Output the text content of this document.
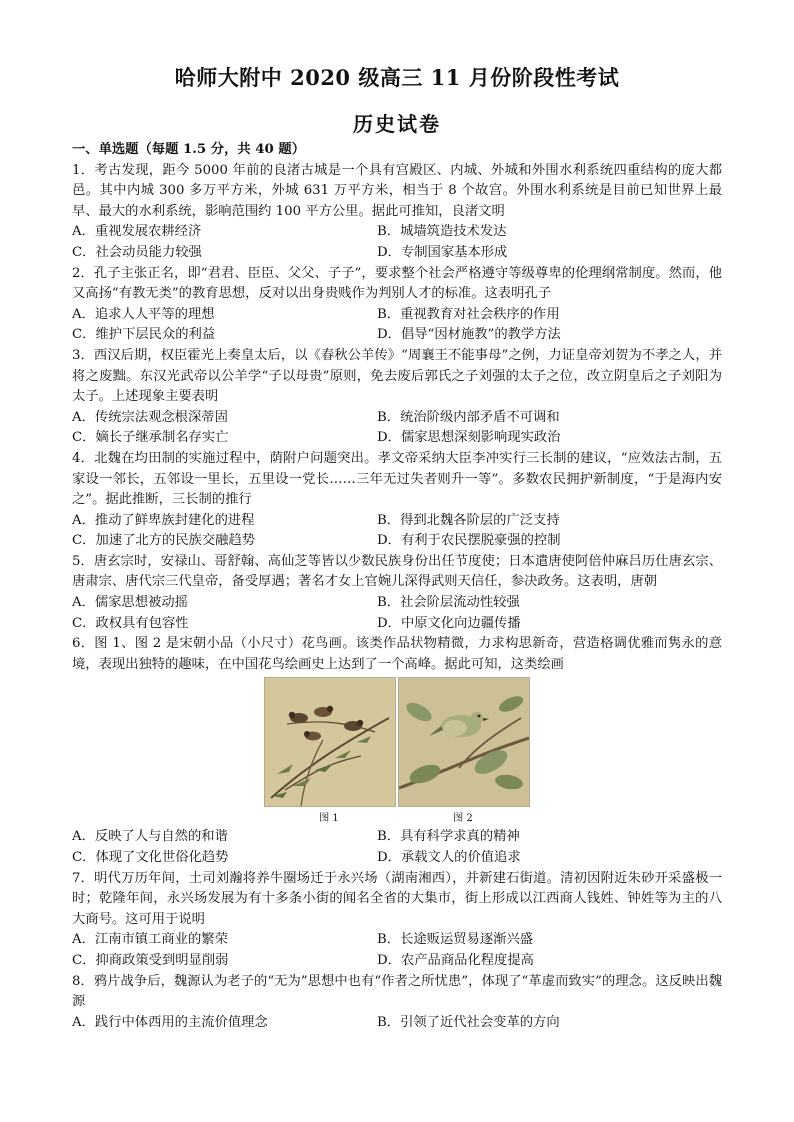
哈师大附中 2020 级高三 11 月份阶段性考试
历史试卷
一、单选题（每题 1.5 分，共 40 题）
1．考古发现，距今 5000 年前的良渚古城是一个具有宫殿区、内城、外城和外围水利系统四重结构的庞大都邑。其中内城 300 多万平方米，外城 631 万平方米，相当于 8 个故宫。外围水利系统是目前已知世界上最早、最大的水利系统，影响范围约 100 平方公里。据此可推知，良渚文明
A．重视发展农耕经济	B．城墙筑造技术发达
C．社会动员能力较强	D．专制国家基本形成
2．孔子主张正名，即“君君、臣臣、父父、子子”，要求整个社会严格遵守等级尊卑的伦理纲常制度。然而，他又高扬“有教无类”的教育思想，反对以出身贵贱作为判别人才的标准。这表明孔子
A．追求人人平等的理想	B．重视教育对社会秩序的作用
C．维护下层民众的利益	D．倡导“因材施教”的教学方法
3．西汉后期，权臣霍光上奏皇太后，以《春秋公羊传》“周襄王不能事母”之例，力证皇帝刘贺为不孝之人，并将之废黜。东汉光武帝以公羊学“子以母贵”原则，免去废后郭氏之子刘强的太子之位，改立阴皇后之子刘阳为太子。上述现象主要表明
A．传统宗法观念根深蒂固	B．统治阶级内部矛盾不可调和
C．嫡长子继承制名存实亡	D．儒家思想深刻影响现实政治
4．北魏在均田制的实施过程中，荫附户问题突出。孝文帝采纳大臣李冲实行三长制的建议，“应效法古制，五家设一邻长，五邻设一里长，五里设一党长……三年无过失者则升一等”。多数农民拥护新制度，“于是海内安之”。据此推断，三长制的推行
A．推动了鲜卑族封建化的进程	B．得到北魏各阶层的广泛支持
C．加速了北方的民族交融趋势	D．有利于农民摆脱豪强的控制
5．唐玄宗时，安禄山、哥舒翰、高仙芝等皆以少数民族身份出任节度使；日本遣唐使阿倍仲麻吕历仕唐玄宗、唐肃宗、唐代宗三代皇帝，备受厚遇；著名才女上官婉儿深得武则天信任，参决政务。这表明，唐朝
A．儒家思想被动摇	B．社会阶层流动性较强
C．政权具有包容性	D．中原文化向边疆传播
6．图 1、图 2 是宋朝小品（小尺寸）花鸟画。该类作品状物精微，力求构思新奇，营造格调优雅而隽永的意境，表现出独特的趣味，在中国花鸟绘画史上达到了一个高峰。据此可知，这类绘画
图 1	图 2
A．反映了人与自然的和谐	B．具有科学求真的精神
C．体现了文化世俗化趋势	D．承载文人的价值追求
7．明代万历年间，土司刘瀚将养牛圈场迁于永兴场（湖南湘西），并新建石街道。清初因附近朱砂开采盛极一时；乾隆年间，永兴场发展为有十多条小街的闻名全省的大集市，街上形成以江西商人钱姓、钟姓等为主的八大商号。这可用于说明
A．江南市镇工商业的繁荣	B．长途贩运贸易逐渐兴盛
C．抑商政策受到明显削弱	D．农产品商品化程度提高
8．鸦片战争后，魏源认为老子的“无为”思想中也有“作者之所忧患”，体现了“革虚而致实”的理念。这反映出魏源
A．践行中体西用的主流价值理念	B．引领了近代社会变革的方向
